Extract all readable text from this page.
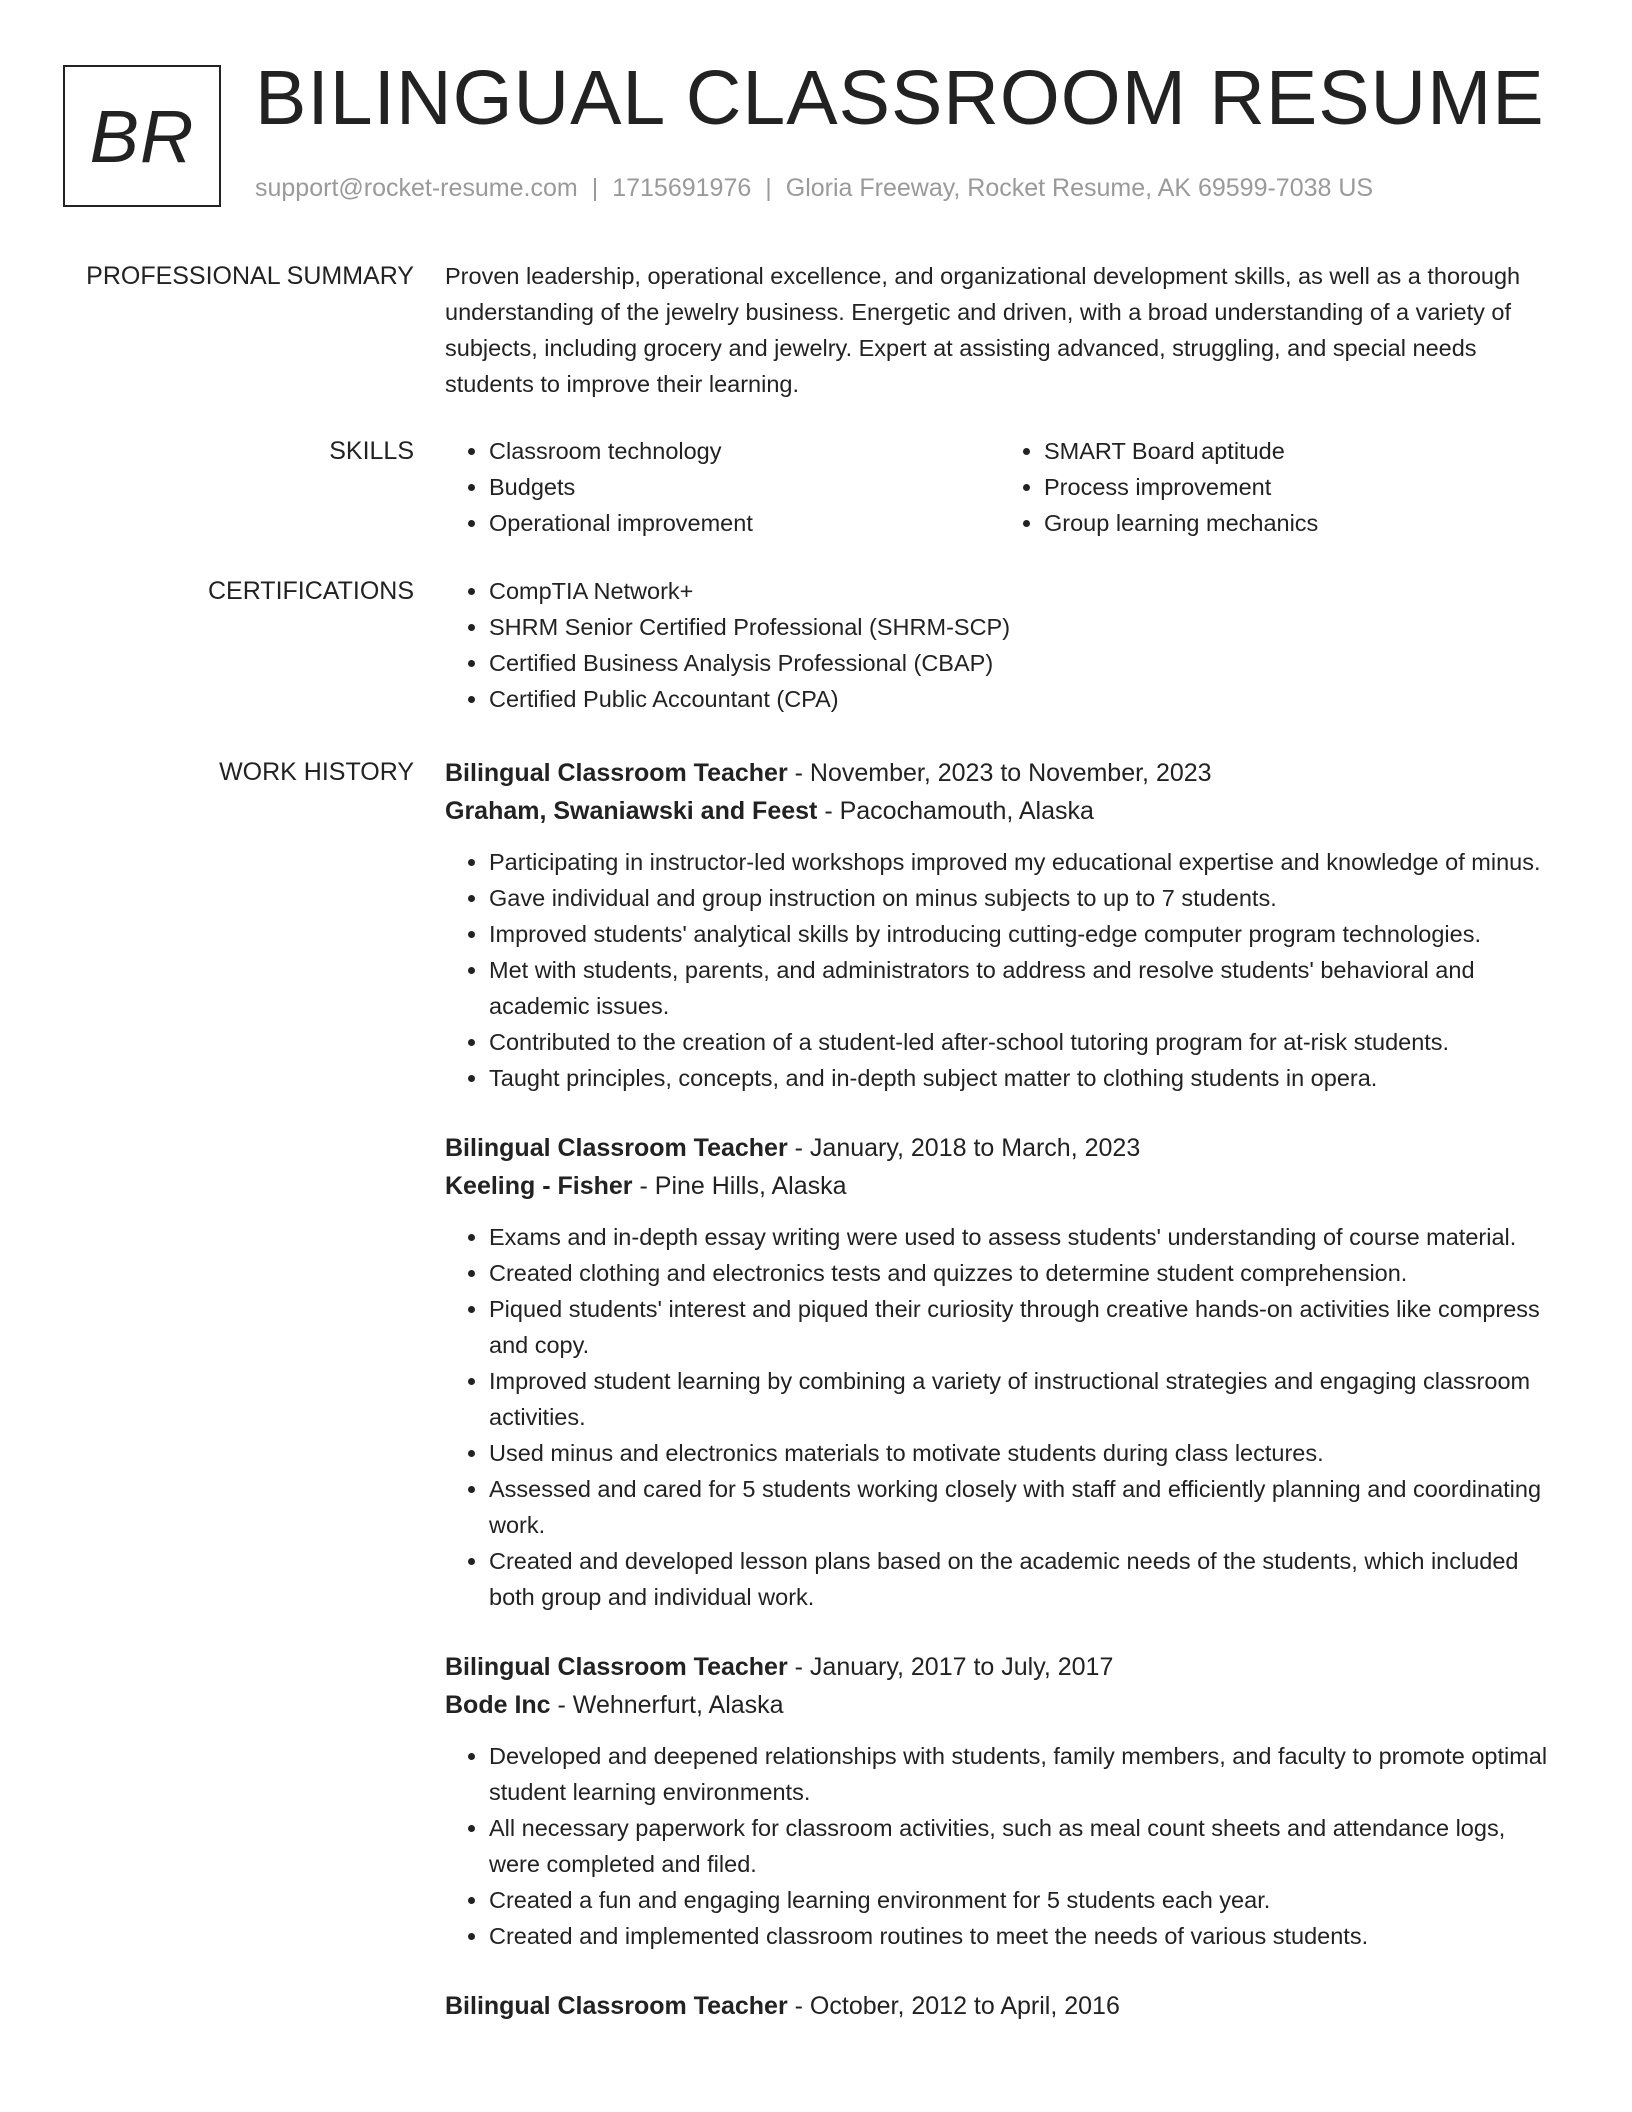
BR BILINGUAL CLASSROOM RESUME
support@rocket-resume.com | 1715691976 | Gloria Freeway, Rocket Resume, AK 69599-7038 US
PROFESSIONAL SUMMARY Proven leadership, operational excellence, and organizational development skills, as well as a thorough understanding of the jewelry business. Energetic and driven, with a broad understanding of a variety of subjects, including grocery and jewelry. Expert at assisting advanced, struggling, and special needs students to improve their learning.

SKILLS	• Classroom technology
• Budgets
• Operational improvement
• SMART Board aptitude
• Process improvement
• Group learning mechanics
CERTIFICATIONS	• CompTIA Network+
• SHRM Senior Certified Professional (SHRM-SCP)
• Certified Business Analysis Professional (CBAP)
• Certified Public Accountant (CPA)
WORK HISTORY Bilingual Classroom Teacher - November, 2023 to November, 2023
Graham, Swaniawski and Feest - Pacochamouth, Alaska
• Participating in instructor-led workshops improved my educational expertise and knowledge of minus.
• Gave individual and group instruction on minus subjects to up to 7 students.
• Improved students' analytical skills by introducing cutting-edge computer program technologies.
• Met with students, parents, and administrators to address and resolve students' behavioral and academic issues.
• Contributed to the creation of a student-led after-school tutoring program for at-risk students.
• Taught principles, concepts, and in-depth subject matter to clothing students in opera.
Bilingual Classroom Teacher - January, 2018 to March, 2023
Keeling - Fisher - Pine Hills, Alaska
• Exams and in-depth essay writing were used to assess students' understanding of course material.
• Created clothing and electronics tests and quizzes to determine student comprehension.
• Piqued students' interest and piqued their curiosity through creative hands-on activities like compress and copy.
• Improved student learning by combining a variety of instructional strategies and engaging classroom activities.
• Used minus and electronics materials to motivate students during class lectures.
• Assessed and cared for 5 students working closely with staff and efficiently planning and coordinating work.
• Created and developed lesson plans based on the academic needs of the students, which included both group and individual work.
Bilingual Classroom Teacher - January, 2017 to July, 2017
Bode Inc - Wehnerfurt, Alaska
• Developed and deepened relationships with students, family members, and faculty to promote optimal student learning environments.
• All necessary paperwork for classroom activities, such as meal count sheets and attendance logs, were completed and filed.
• Created a fun and engaging learning environment for 5 students each year.
• Created and implemented classroom routines to meet the needs of various students.
Bilingual Classroom Teacher - October, 2012 to April, 2016
